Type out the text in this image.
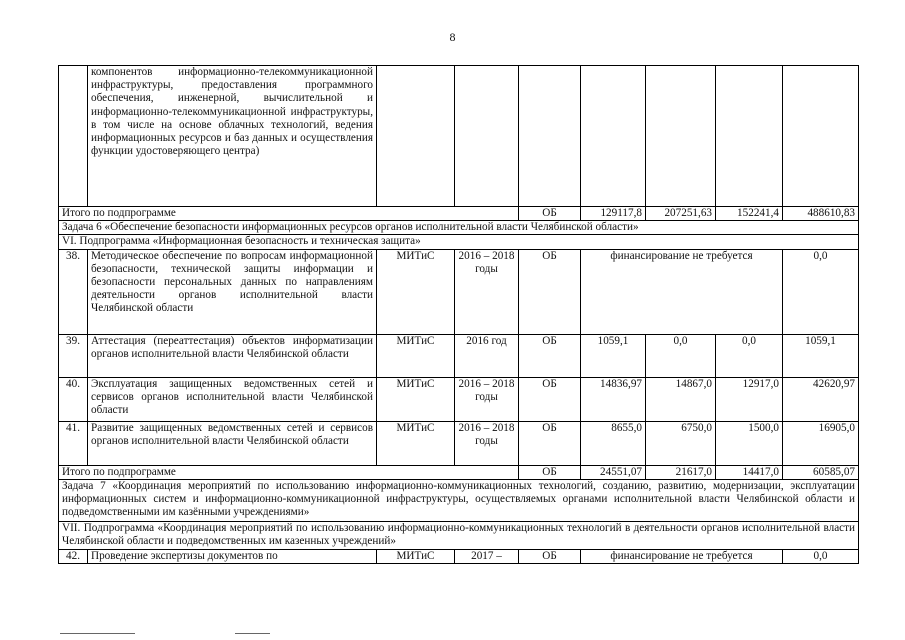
8
	компонентов информационно-телекоммуникационной инфраструктуры, предоставления программного обеспечения, инженерной, вычислительной и информационно-телекоммуникационной инфраструктуры, в том числе на основе облачных технологий, ведения информационных ресурсов и баз данных и осуществления функции удостоверяющего центра)							
Итого по подпрограмме				ОБ	129117,8	207251,63	152241,4	488610,83
Задача 6 «Обеспечение безопасности информационных ресурсов органов исполнительной власти Челябинской области»								
VI. Подпрограмма «Информационная безопасность и техническая защита»								
38.	Методическое обеспечение по вопросам информационной безопасности, технической защиты информации и безопасности персональных данных по направлениям деятельности органов исполнительной власти Челябинской области	МИТиС	2016 – 2018 годы	ОБ	финансирование не требуется			0,0
39.	Аттестация (переаттестация) объектов информатизации органов исполнительной власти Челябинской области	МИТиС	2016 год	ОБ	1059,1	0,0	0,0	1059,1
40.	Эксплуатация защищенных ведомственных сетей и сервисов органов исполнительной власти Челябинской области	МИТиС	2016 – 2018 годы	ОБ	14836,97	14867,0	12917,0	42620,97
41.	Развитие защищенных ведомственных сетей и сервисов органов исполнительной власти Челябинской области	МИТиС	2016 – 2018 годы	ОБ	8655,0	6750,0	1500,0	16905,0
Итого по подпрограмме				ОБ	24551,07	21617,0	14417,0	60585,07
Задача 7 «Координация мероприятий по использованию информационно-коммуникационных технологий, созданию, развитию, модернизации, эксплуатации информационных систем и информационно-коммуникационной инфраструктуры, осуществляемых органами исполнительной власти Челябинской области и подведомственными им казёнными учреждениями»								
VII. Подпрограмма «Координация мероприятий по использованию информационно-коммуникационных технологий в деятельности органов исполнительной власти Челябинской области и подведомственных им казенных учреждений»								
42.	Проведение экспертизы документов по	МИТиС	2017 –	ОБ	финансирование не требуется			0,0
